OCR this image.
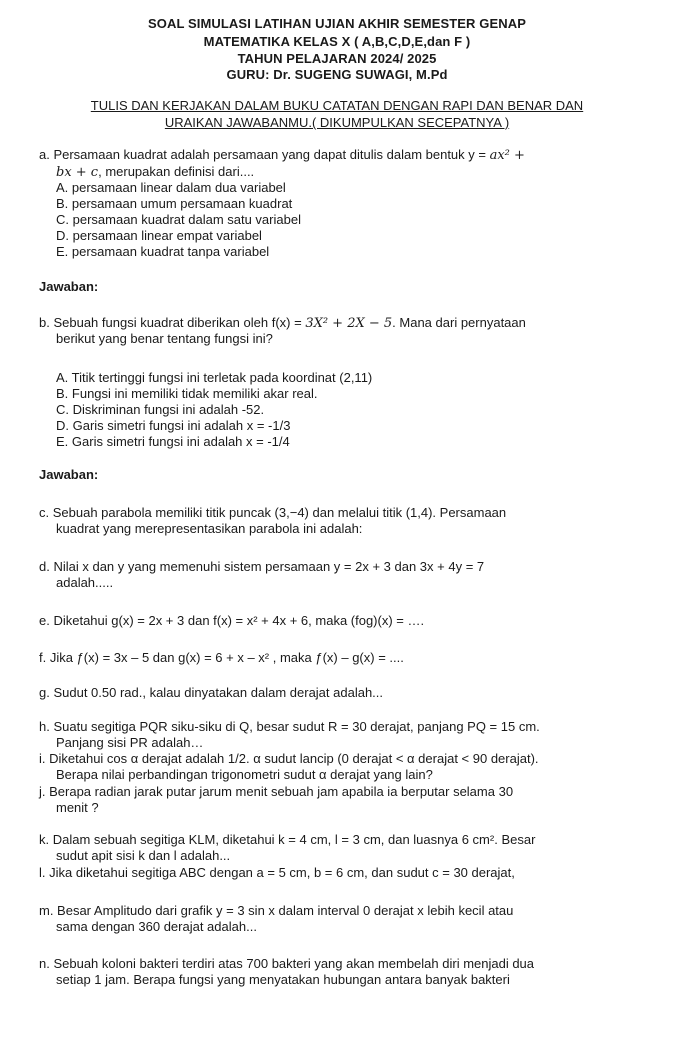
SOAL SIMULASI LATIHAN UJIAN AKHIR SEMESTER GENAP
MATEMATIKA KELAS X ( A,B,C,D,E,dan F )
TAHUN PELAJARAN 2024/ 2025
GURU: Dr. SUGENG SUWAGI, M.Pd
TULIS DAN KERJAKAN DALAM BUKU CATATAN DENGAN RAPI DAN BENAR DAN
URAIKAN JAWABANMU.( DIKUMPULKAN SECEPATNYA )
a. Persamaan kuadrat adalah persamaan yang dapat ditulis dalam bentuk y = ax² +
bx + c, merupakan definisi dari....
A. persamaan linear dalam dua variabel
B. persamaan umum persamaan kuadrat
C. persamaan kuadrat dalam satu variabel
D. persamaan linear empat variabel
E. persamaan kuadrat tanpa variabel
Jawaban:
b. Sebuah fungsi kuadrat diberikan oleh f(x) = 3X² + 2X − 5. Mana dari pernyataan
berikut yang benar tentang fungsi ini?
A. Titik tertinggi fungsi ini terletak pada koordinat (2,11)
B. Fungsi ini memiliki tidak memiliki akar real.
C. Diskriminan fungsi ini adalah -52.
D. Garis simetri fungsi ini adalah x = -1/3
E. Garis simetri fungsi ini adalah x = -1/4
Jawaban:
c. Sebuah parabola memiliki titik puncak (3,−4) dan melalui titik (1,4). Persamaan
kuadrat yang merepresentasikan parabola ini adalah:
d. Nilai x dan y yang memenuhi sistem persamaan y = 2x + 3 dan 3x + 4y = 7
adalah.....
e. Diketahui g(x) = 2x + 3 dan f(x) = x² + 4x + 6, maka (fog)(x) = ….
f. Jika ƒ(x) = 3x – 5 dan g(x) = 6 + x – x² , maka ƒ(x) – g(x) = ....
g. Sudut 0.50 rad., kalau dinyatakan dalam derajat adalah...
h. Suatu segitiga PQR siku-siku di Q, besar sudut R = 30 derajat, panjang PQ = 15 cm.
Panjang sisi PR adalah…
i. Diketahui cos α derajat adalah 1/2. α sudut lancip (0 derajat < α derajat < 90 derajat).
Berapa nilai perbandingan trigonometri sudut α derajat yang lain?
j. Berapa radian jarak putar jarum menit sebuah jam apabila ia berputar selama 30
menit ?
k. Dalam sebuah segitiga KLM, diketahui k = 4 cm, l = 3 cm, dan luasnya 6 cm². Besar
sudut apit sisi k dan l adalah...
l. Jika diketahui segitiga ABC dengan a = 5 cm, b = 6 cm, dan sudut c = 30 derajat,
m. Besar Amplitudo dari grafik y = 3 sin x dalam interval 0 derajat x lebih kecil atau
sama dengan 360 derajat adalah...
n. Sebuah koloni bakteri terdiri atas 700 bakteri yang akan membelah diri menjadi dua
setiap 1 jam. Berapa fungsi yang menyatakan hubungan antara banyak bakteri
